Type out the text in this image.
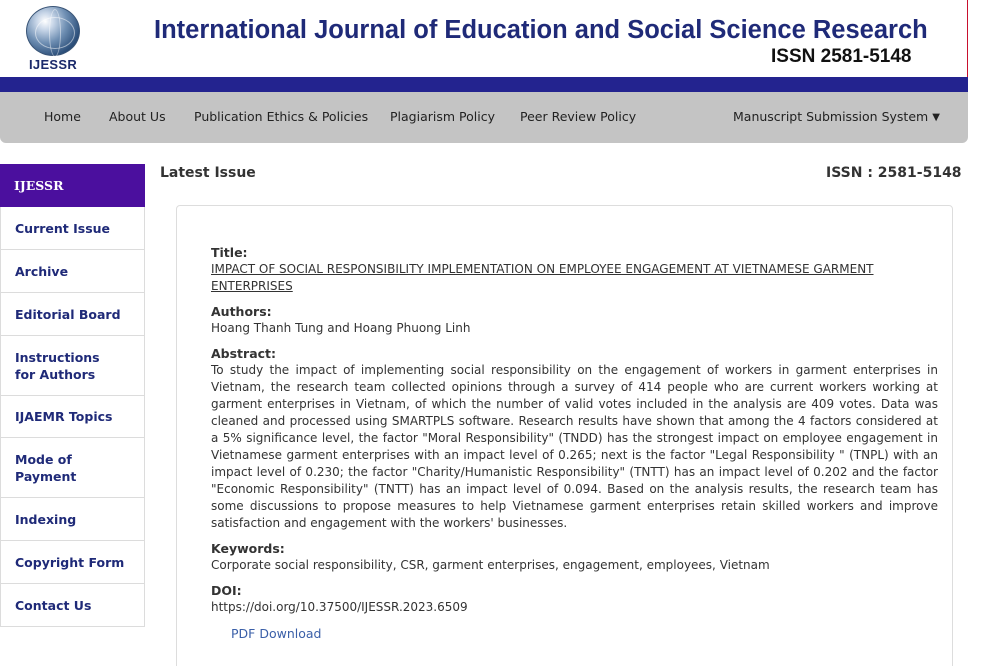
IJESSR
International Journal of Education and Social Science Research
ISSN 2581-5148
Home About Us Publication Ethics & Policies Plagiarism Policy Peer Review Policy	Manuscript Submission System ▼
IJESSR
Current Issue
Archive
Editorial Board
Instructions for Authors
IJAEMR Topics
Mode of Payment
Indexing
Copyright Form
Contact Us
Latest Issue	ISSN : 2581-5148
Title:
IMPACT OF SOCIAL RESPONSIBILITY IMPLEMENTATION ON EMPLOYEE ENGAGEMENT AT VIETNAMESE GARMENT ENTERPRISES
Authors:
Hoang Thanh Tung and Hoang Phuong Linh
Abstract:
To study the impact of implementing social responsibility on the engagement of workers in garment enterprises in Vietnam, the research team collected opinions through a survey of 414 people who are current workers working at garment enterprises in Vietnam, of which the number of valid votes included in the analysis are 409 votes. Data was cleaned and processed using SMARTPLS software. Research results have shown that among the 4 factors considered at a 5% significance level, the factor "Moral Responsibility" (TNDD) has the strongest impact on employee engagement in Vietnamese garment enterprises with an impact level of 0.265; next is the factor "Legal Responsibility " (TNPL) with an impact level of 0.230; the factor "Charity/Humanistic Responsibility" (TNTT) has an impact level of 0.202 and the factor "Economic Responsibility" (TNTT) has an impact level of 0.094. Based on the analysis results, the research team has some discussions to propose measures to help Vietnamese garment enterprises retain skilled workers and improve satisfaction and engagement with the workers' businesses.
Keywords:
Corporate social responsibility, CSR, garment enterprises, engagement, employees, Vietnam
DOI:
https://doi.org/10.37500/IJESSR.2023.6509
PDF Download
